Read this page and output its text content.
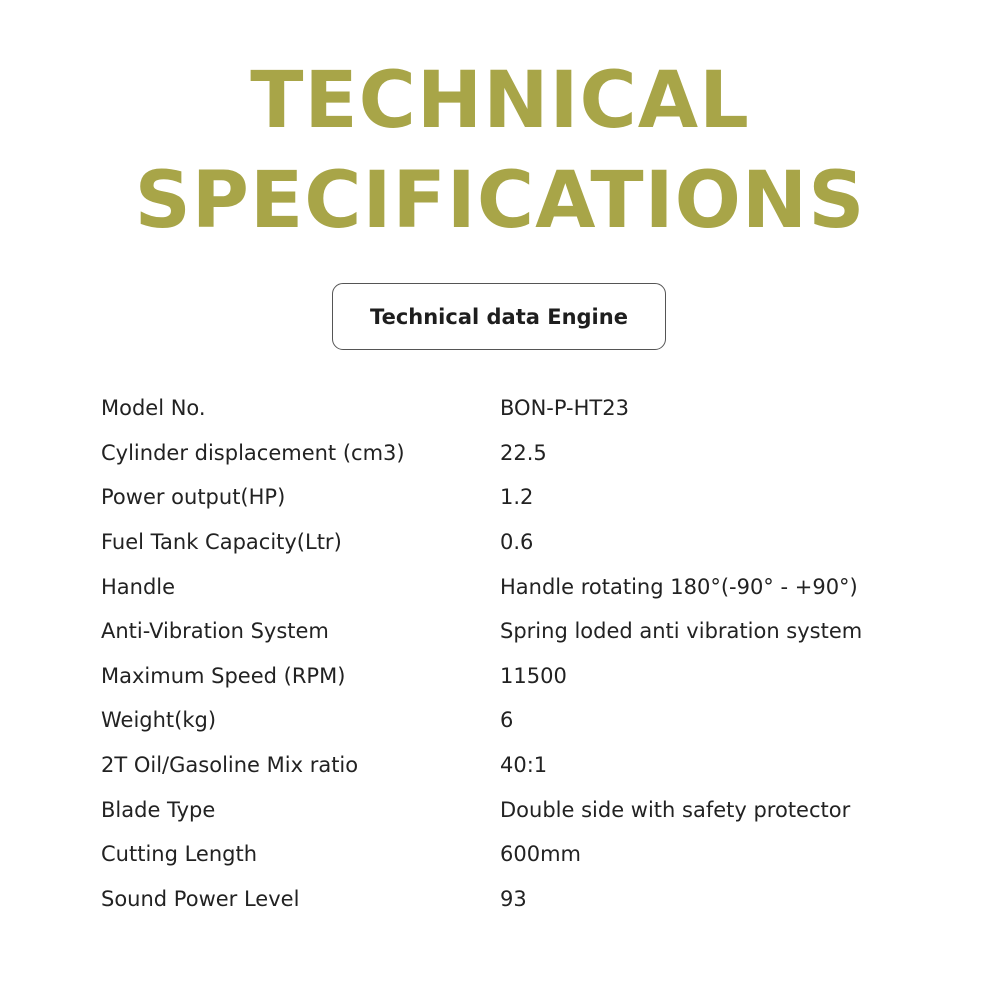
TECHNICAL
SPECIFICATIONS
Technical data Engine
Model No.	BON-P-HT23
Cylinder displacement (cm3)	22.5
Power output(HP)	1.2
Fuel Tank Capacity(Ltr)	0.6
Handle	Handle rotating 180°(-90° - +90°)
Anti-Vibration System	Spring loded anti vibration system
Maximum Speed (RPM)	11500
Weight(kg)	6
2T Oil/Gasoline Mix ratio	40:1
Blade Type	Double side with safety protector
Cutting Length	600mm
Sound Power Level	93
